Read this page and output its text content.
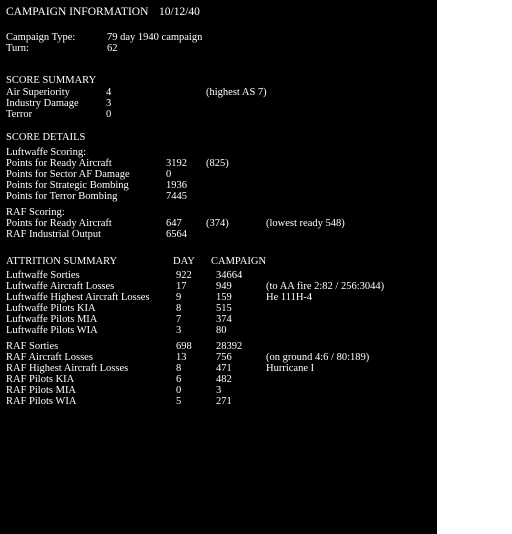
CAMPAIGN INFORMATION 10/12/40
Campaign Type:	79 day 1940 campaign
Turn:	62
SCORE SUMMARY
Air Superiority	4	(highest AS 7)
Industry Damage	3
Terror	0
SCORE DETAILS
Luftwaffe Scoring:
Points for Ready Aircraft	3192 (825)
Points for Sector AF Damage	0
Points for Strategic Bombing	1936
Points for Terror Bombing	7445
RAF Scoring:
Points for Ready Aircraft	647 (374)	(lowest ready 548)
RAF Industrial Output	6564
ATTRITION SUMMARY	DAY CAMPAIGN
Luftwaffe Sorties	922 34664
Luftwaffe Aircraft Losses	17	949	(to AA fire 2:82 / 256:3044)
Luftwaffe Highest Aircraft Losses	9	159	He 111H-4
Luftwaffe Pilots KIA	8	515
Luftwaffe Pilots MIA	7	374
Luftwaffe Pilots WIA	3	80
RAF Sorties	698 28392
RAF Aircraft Losses	13	756	(on ground 4:6 / 80:189)
RAF Highest Aircraft Losses	8	471	Hurricane I
RAF Pilots KIA	6	482
RAF Pilots MIA	0	3
RAF Pilots WIA	5	271
